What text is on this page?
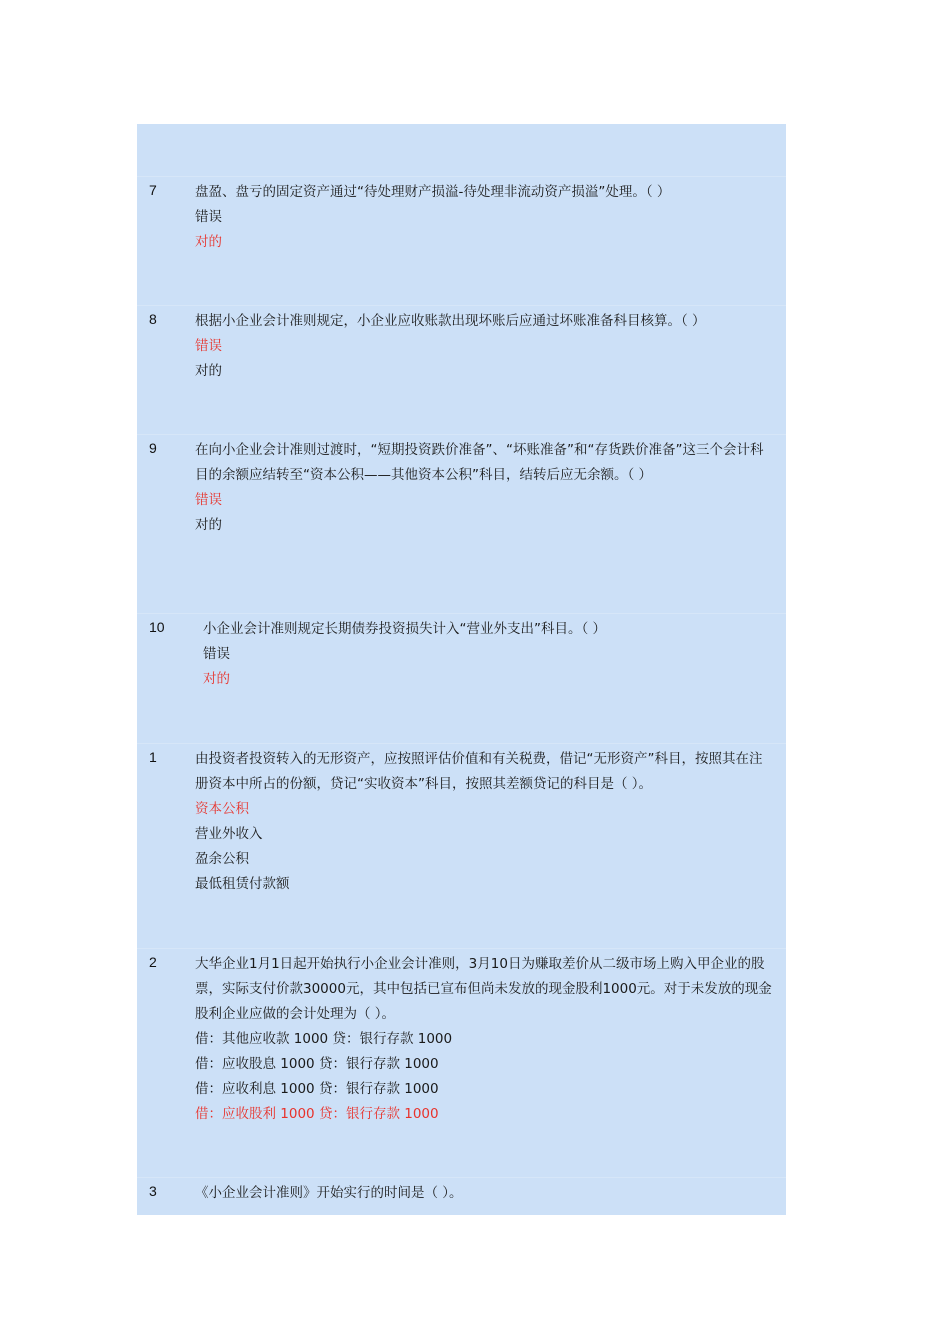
7	盘盈、盘亏的固定资产通过“待处理财产损溢-待处理非流动资产损溢”处理。（ ）
错误
对的
8	根据小企业会计准则规定，小企业应收账款出现坏账后应通过坏账准备科目核算。（ ）
错误
对的
9	在向小企业会计准则过渡时，“短期投资跌价准备”、“坏账准备”和“存货跌价准备”这三个会计科目的余额应结转至“资本公积——其他资本公积”科目，结转后应无余额。（ ）
错误
对的
10	小企业会计准则规定长期债券投资损失计入“营业外支出”科目。（ ）
错误
对的
1	由投资者投资转入的无形资产，应按照评估价值和有关税费，借记“无形资产”科目，按照其在注册资本中所占的份额，贷记“实收资本”科目，按照其差额贷记的科目是（ ）。
资本公积
营业外收入
盈余公积
最低租赁付款额
2	大华企业1月1日起开始执行小企业会计准则，3月10日为赚取差价从二级市场上购入甲企业的股票，实际支付价款30000元，其中包括已宣布但尚未发放的现金股利1000元。对于未发放的现金股利企业应做的会计处理为（ ）。
借：其他应收款 1000 贷：银行存款 1000
借：应收股息 1000 贷：银行存款 1000
借：应收利息 1000 贷：银行存款 1000
借：应收股利 1000 贷：银行存款 1000
3	《小企业会计准则》开始实行的时间是（ ）。
